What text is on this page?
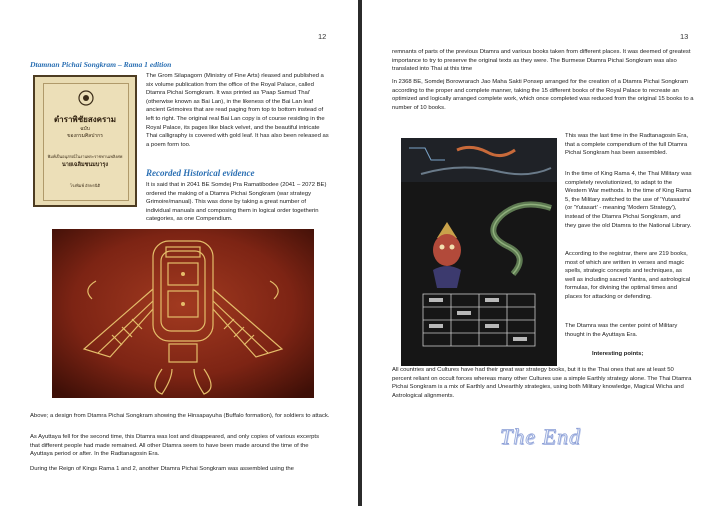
12
Dtamnan Pichai Songkram – Rama 1 edition
ตำราพิชัยสงคราม
ฉบับ
ของกรมศิลปากร
พิมพ์เป็นอนุสรณ์ในงานพระราชทานเพลิงศพ
นายเฉลิมชนมบารุง
โรงพิมพ์ อักษรนิติ

The Grom Silapagorn (Ministry of Fine Arts) rleased and published a six volume publication from the office of the Royal Palace, called Dtamra Pichai Somgkram. It was printed as 'Paap Samud Thai' (otherwise known as Bai Lan), in the likeness of the Bai Lan leaf ancient Grimoires that are read paging from top to bottom instead of left to right. The original real Bai Lan copy is of course residing in the Royal Palace, its pages like black velvet, and the beautiful intricate Thai calligraphy is covered with gold leaf. It has also been released as a poem form too.

Recorded Historical evidence

It is said that in 2041 BE Somdej Pra Ramatibodee (2041 – 2072 BE) ordered the making of a Dtamra Pichai Songkram (war strategy Grimoire/manual). This was done by taking a great number of individual manuals and composing them in logical order togetherin categories, as one Compendium.

Above; a design from Dtamra Pichai Songkram showing the Hinsapayuha (Buffalo formation), for soldiers to attack.

As Ayuttaya fell for the second time, this Dtamra was lost and disappeared, and only copies of various excerpts that different people had made remained. All other Dtamra seem to have been made around the time of the Ayuttaya period or after. In the Radtanagosin Era.

During the Reign of Kings Rama 1 and 2, another Dtamra Pichai Songkram was assembled using the

13

remnants of parts of the previous Dtamra and various books taken from different places. It was deemed of greatest importance to try to preserve the original texts as they were. The Burmese Dtamra Pichai Songkram was also translated into Thai at this time

In 2368 BE, Somdej Borowrarach Jao Maha Sakti Ponsep arranged for the creation of a Dtamra Pichai Songkram according to the proper and complete manner, taking the 15 different books of the Royal Palace to recreate an optimized and logically arranged complete work, which once completed was reduced from the original 15 books to a number of 10 books.

This was the last time in the Radtanagosin Era, that a complete compendium of the full Dtamra Pichai Songkram has been assembled.

In the time of King Rama 4, the Thai Military was completely revolutionized, to adapt to the Western War methods. In the time of King Rama 5, the Military switched to the use of 'Yutasastra' (or 'Yutasart' - meaning 'Modern Strategy'), instead of the Dtamra Pichai Songkram, and they gave the old Dtamra to the National Library.

According to the registrar, there are 219 books, most of which are written in verses and magic spells, strategic concepts and techniques, as well as including sacred Yantra, and astrological formulas, for divining the optimal times and places for attacking or defending.

The Dtamra was the center point of Military thought in the Ayuttaya Era.

Interesting points;

All countries and Cultures have had their great war strategy books, but it is the Thai ones that are at least 50 percent reliant on occult forces whereas many other Cultures use a simple Earthly strategy alone. The Thai Dtamra Pichai Songkram is a mix of Earthly and Unearthly strategies, using both Military knowledge, Magical Wicha and Astrological alignments.

The End
